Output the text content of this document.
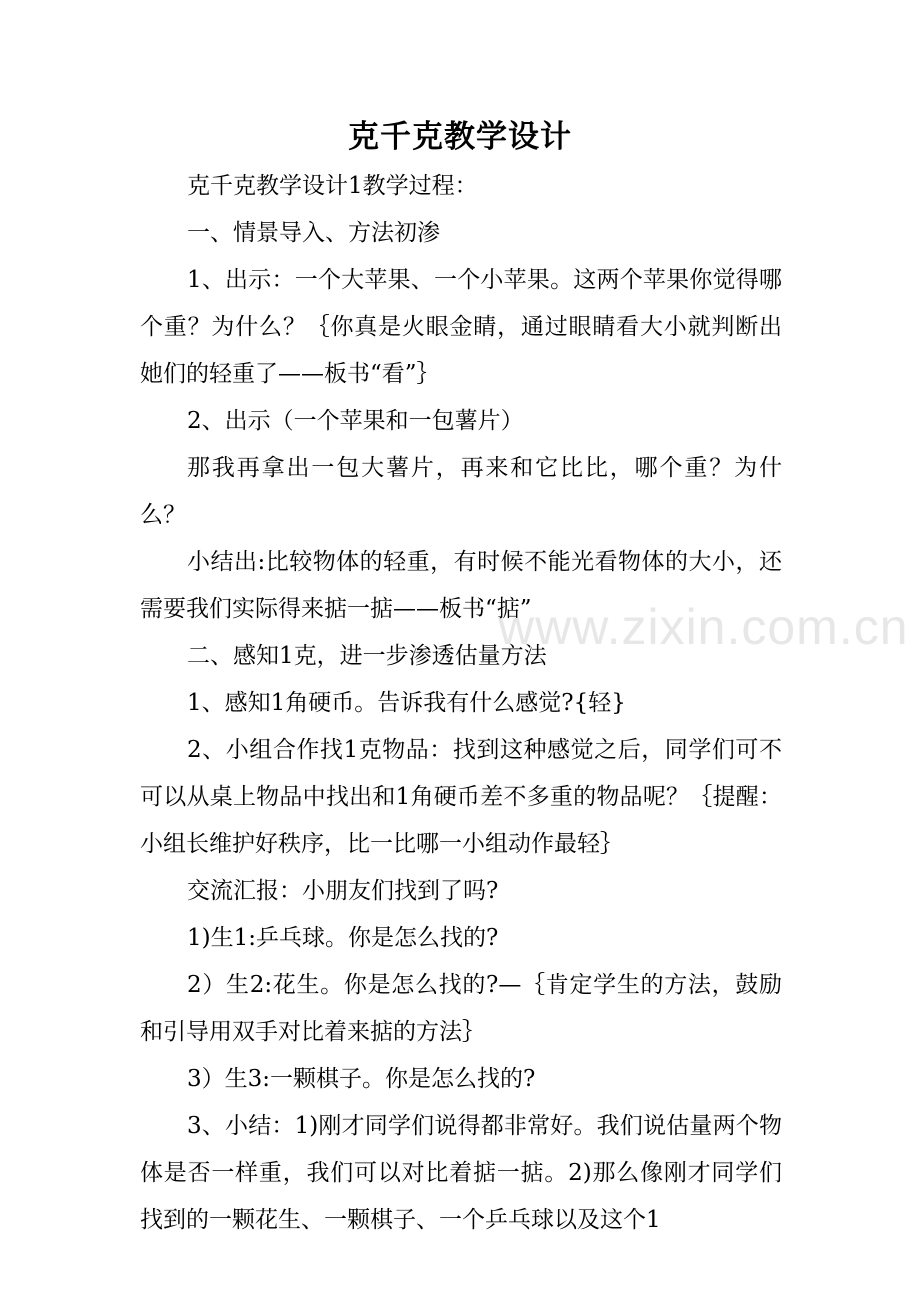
克千克教学设计

克千克教学设计1教学过程：

一、情景导入、方法初渗

1、出示：一个大苹果、一个小苹果。这两个苹果你觉得哪个重？为什么？｛你真是火眼金睛，通过眼睛看大小就判断出她们的轻重了——板书“看”｝

2、出示（一个苹果和一包薯片）

那我再拿出一包大薯片，再来和它比比，哪个重？为什么？

小结出:比较物体的轻重，有时候不能光看物体的大小，还需要我们实际得来掂一掂——板书“掂”

二、感知1克，进一步渗透估量方法

1、感知1角硬币。告诉我有什么感觉?{轻}

2、小组合作找1克物品：找到这种感觉之后，同学们可不可以从桌上物品中找出和1角硬币差不多重的物品呢？｛提醒：小组长维护好秩序，比一比哪一小组动作最轻｝

交流汇报：小朋友们找到了吗?

1)生1:乒乓球。你是怎么找的?

2）生2:花生。你是怎么找的?—｛肯定学生的方法，鼓励和引导用双手对比着来掂的方法｝

3）生3:一颗棋子。你是怎么找的?

3、小结：1)刚才同学们说得都非常好。我们说估量两个物体是否一样重，我们可以对比着掂一掂。2)那么像刚才同学们找到的一颗花生、一颗棋子、一个乒乓球以及这个1

www.zixin.com.cn
